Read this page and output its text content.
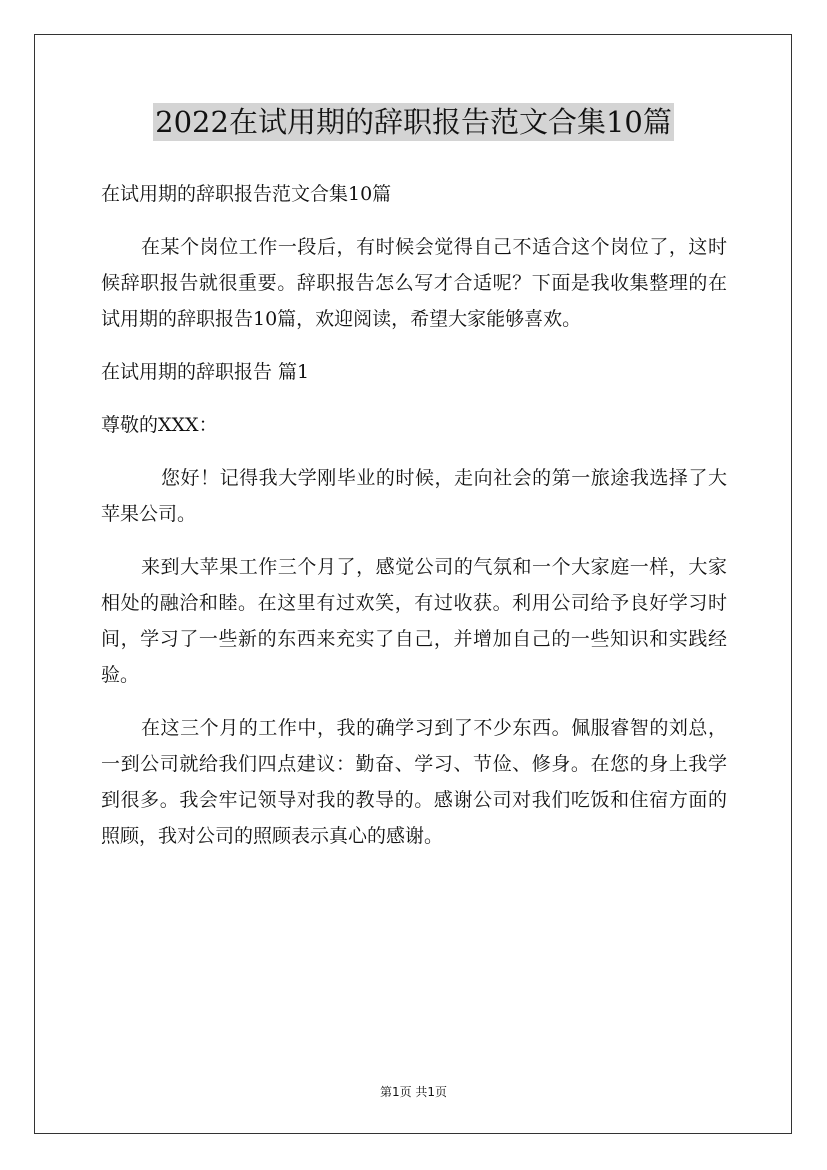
2022在试用期的辞职报告范文合集10篇

在试用期的辞职报告范文合集10篇

在某个岗位工作一段后，有时候会觉得自己不适合这个岗位了，这时候辞职报告就很重要。辞职报告怎么写才合适呢？下面是我收集整理的在试用期的辞职报告10篇，欢迎阅读，希望大家能够喜欢。

在试用期的辞职报告 篇1

尊敬的XXX：

您好！记得我大学刚毕业的时候，走向社会的第一旅途我选择了大苹果公司。

来到大苹果工作三个月了，感觉公司的气氛和一个大家庭一样，大家相处的融洽和睦。在这里有过欢笑，有过收获。利用公司给予良好学习时间，学习了一些新的东西来充实了自己，并增加自己的一些知识和实践经验。

在这三个月的工作中，我的确学习到了不少东西。佩服睿智的刘总，一到公司就给我们四点建议：勤奋、学习、节俭、修身。在您的身上我学到很多。我会牢记领导对我的教导的。感谢公司对我们吃饭和住宿方面的照顾，我对公司的照顾表示真心的感谢。

第1页 共1页
